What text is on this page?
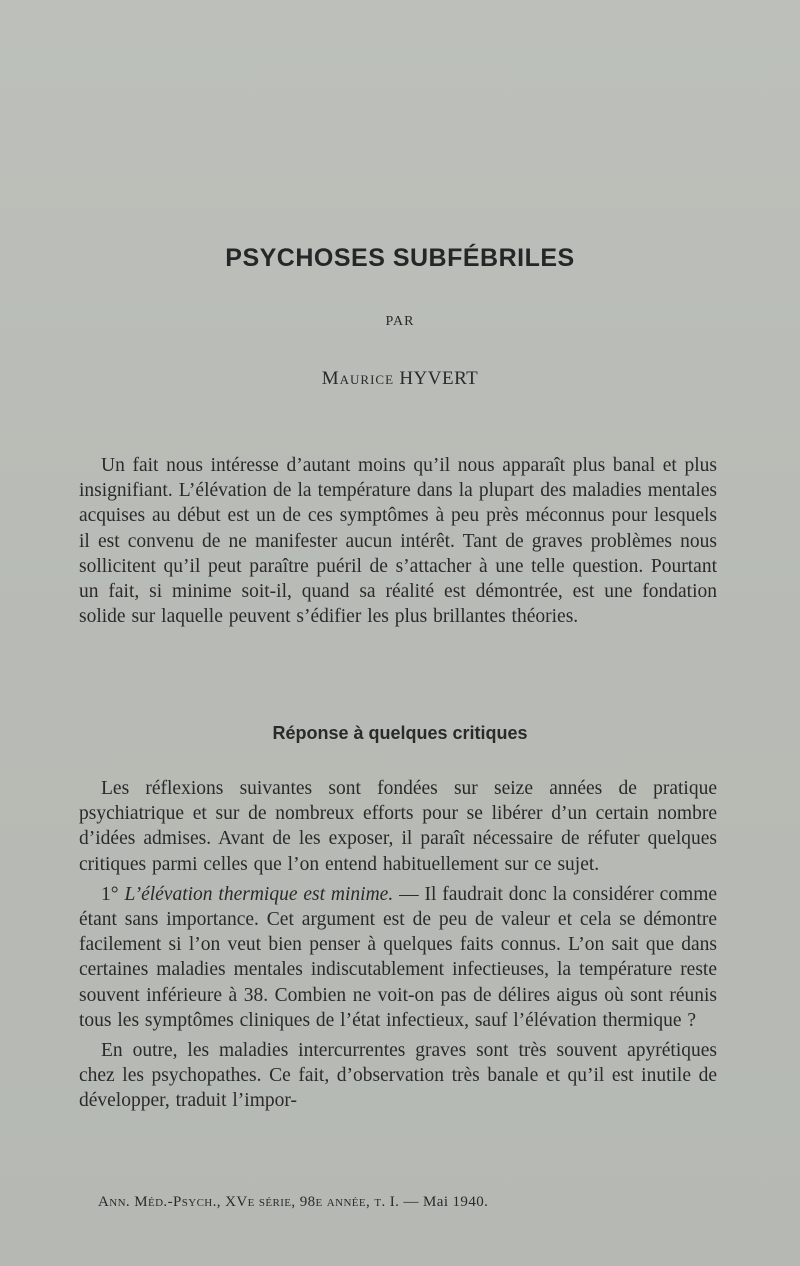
PSYCHOSES SUBFÉBRILES
PAR
Maurice HYVERT

Un fait nous intéresse d’autant moins qu’il nous apparaît plus banal et plus insignifiant. L’élévation de la température dans la plupart des maladies mentales acquises au début est un de ces symptômes à peu près méconnus pour lesquels il est convenu de ne manifester aucun intérêt. Tant de graves problèmes nous sollicitent qu’il peut paraître puéril de s’attacher à une telle question. Pourtant un fait, si minime soit-il, quand sa réalité est démontrée, est une fondation solide sur laquelle peuvent s’édifier les plus brillantes théories.

Réponse à quelques critiques

Les réflexions suivantes sont fondées sur seize années de pratique psychiatrique et sur de nombreux efforts pour se libérer d’un certain nombre d’idées admises. Avant de les exposer, il paraît nécessaire de réfuter quelques critiques parmi celles que l’on entend habituellement sur ce sujet.

1° L’élévation thermique est minime. — Il faudrait donc la considérer comme étant sans importance. Cet argument est de peu de valeur et cela se démontre facilement si l’on veut bien penser à quelques faits connus. L’on sait que dans certaines maladies mentales indiscutablement infectieuses, la température reste souvent inférieure à 38. Combien ne voit-on pas de délires aigus où sont réunis tous les symptômes cliniques de l’état infectieux, sauf l’élévation thermique ?

En outre, les maladies intercurrentes graves sont très souvent apyrétiques chez les psychopathes. Ce fait, d’observation très banale et qu’il est inutile de développer, traduit l’impor-

Ann. Méd.-Psych., XVe série, 98e année, t. I. — Mai 1940.
